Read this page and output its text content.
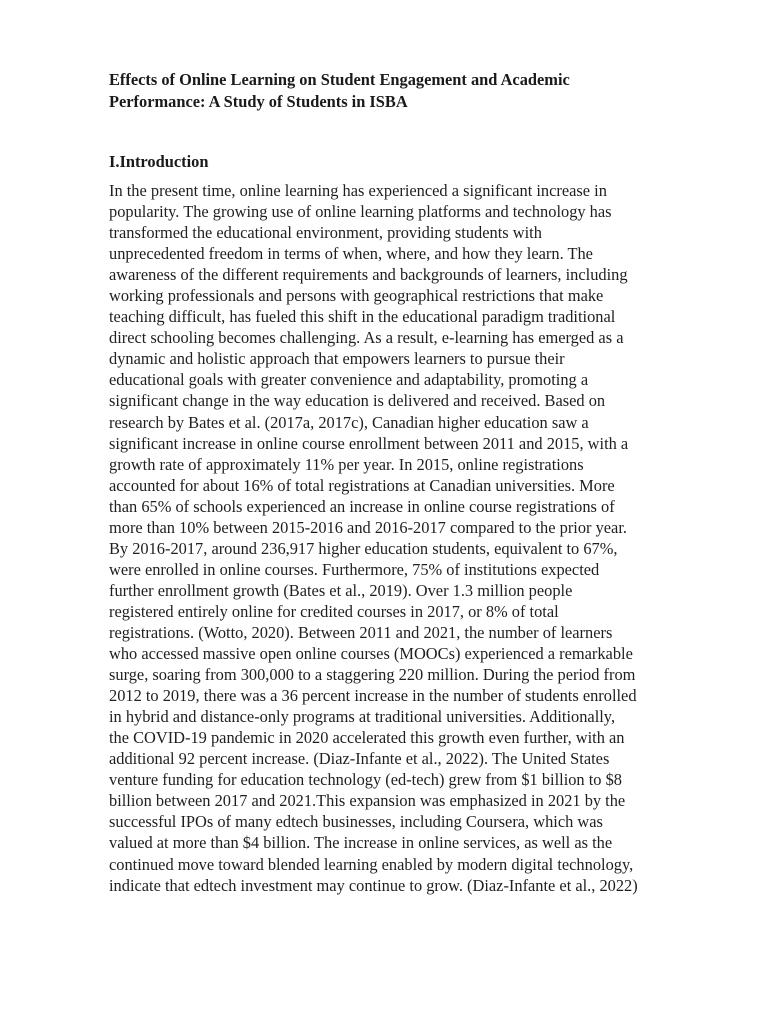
Effects of Online Learning on Student Engagement and Academic
Performance: A Study of Students in ISBA
I.Introduction
In the present time, online learning has experienced a significant increase in
popularity. The growing use of online learning platforms and technology has
transformed the educational environment, providing students with
unprecedented freedom in terms of when, where, and how they learn. The
awareness of the different requirements and backgrounds of learners, including
working professionals and persons with geographical restrictions that make
teaching difficult, has fueled this shift in the educational paradigm traditional
direct schooling becomes challenging. As a result, e-learning has emerged as a
dynamic and holistic approach that empowers learners to pursue their
educational goals with greater convenience and adaptability, promoting a
significant change in the way education is delivered and received. Based on
research by Bates et al. (2017a, 2017c), Canadian higher education saw a
significant increase in online course enrollment between 2011 and 2015, with a
growth rate of approximately 11% per year. In 2015, online registrations
accounted for about 16% of total registrations at Canadian universities. More
than 65% of schools experienced an increase in online course registrations of
more than 10% between 2015-2016 and 2016-2017 compared to the prior year.
By 2016-2017, around 236,917 higher education students, equivalent to 67%,
were enrolled in online courses. Furthermore, 75% of institutions expected
further enrollment growth (Bates et al., 2019). Over 1.3 million people
registered entirely online for credited courses in 2017, or 8% of total
registrations. (Wotto, 2020). Between 2011 and 2021, the number of learners
who accessed massive open online courses (MOOCs) experienced a remarkable
surge, soaring from 300,000 to a staggering 220 million. During the period from
2012 to 2019, there was a 36 percent increase in the number of students enrolled
in hybrid and distance-only programs at traditional universities. Additionally,
the COVID-19 pandemic in 2020 accelerated this growth even further, with an
additional 92 percent increase. (Diaz-Infante et al., 2022). The United States
venture funding for education technology (ed-tech) grew from $1 billion to $8
billion between 2017 and 2021.This expansion was emphasized in 2021 by the
successful IPOs of many edtech businesses, including Coursera, which was
valued at more than $4 billion. The increase in online services, as well as the
continued move toward blended learning enabled by modern digital technology,
indicate that edtech investment may continue to grow. (Diaz-Infante et al., 2022)
